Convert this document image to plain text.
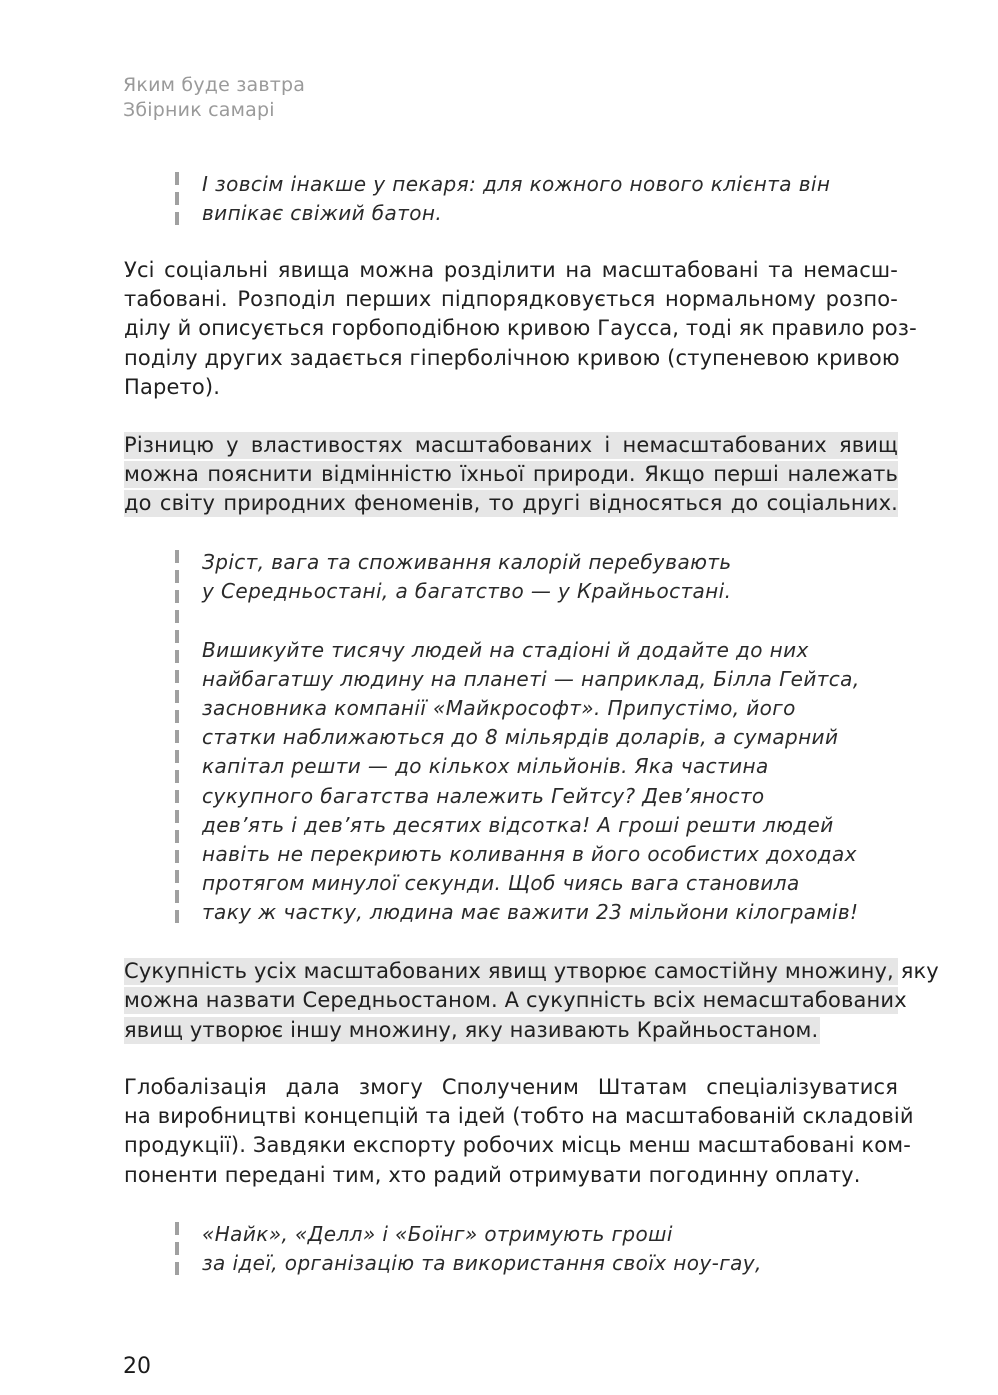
Яким буде завтра
Збірник самарі
І зовсім інакше у пекаря: для кожного нового клієнта він
випікає свіжий батон.
Усі соціальні явища можна розділити на масштабовані та немасш-
табовані. Розподіл перших підпорядковується нормальному розпо-
ділу й описується горбоподібною кривою Гаусса, тоді як правило роз-
поділу других задається гіперболічною кривою (ступеневою кривою
Парето).
Різницю у властивостях масштабованих і немасштабованих явищ
можна пояснити відмінністю їхньої природи. Якщо перші належать
до світу природних феноменів, то другі відносяться до соціальних.
Зріст, вага та споживання калорій перебувають
у Середньостані, а багатство — у Крайньостані.
Вишикуйте тисячу людей на стадіоні й додайте до них
найбагатшу людину на планеті — наприклад, Білла Гейтса,
засновника компанії «Майкрософт». Припустімо, його
статки наближаються до 8 мільярдів доларів, а сумарний
капітал решти — до кількох мільйонів. Яка частина
сукупного багатства належить Гейтсу? Дев’яносто
дев’ять і дев’ять десятих відсотка! А гроші решти людей
навіть не перекриють коливання в його особистих доходах
протягом минулої секунди. Щоб чиясь вага становила
таку ж частку, людина має важити 23 мільйони кілограмів!
Сукупність усіх масштабованих явищ утворює самостійну множину, яку
можна назвати Середньостаном. А сукупність всіх немасштабованих
явищ утворює іншу множину, яку називають Крайньостаном.
Глобалізація дала змогу Сполученим Штатам спеціалізуватися
на виробництві концепцій та ідей (тобто на масштабованій складовій
продукції). Завдяки експорту робочих місць менш масштабовані ком-
поненти передані тим, хто радий отримувати погодинну оплату.
«Найк», «Делл» і «Боїнг» отримують гроші
за ідеї, організацію та використання своїх ноу-гау,
20
